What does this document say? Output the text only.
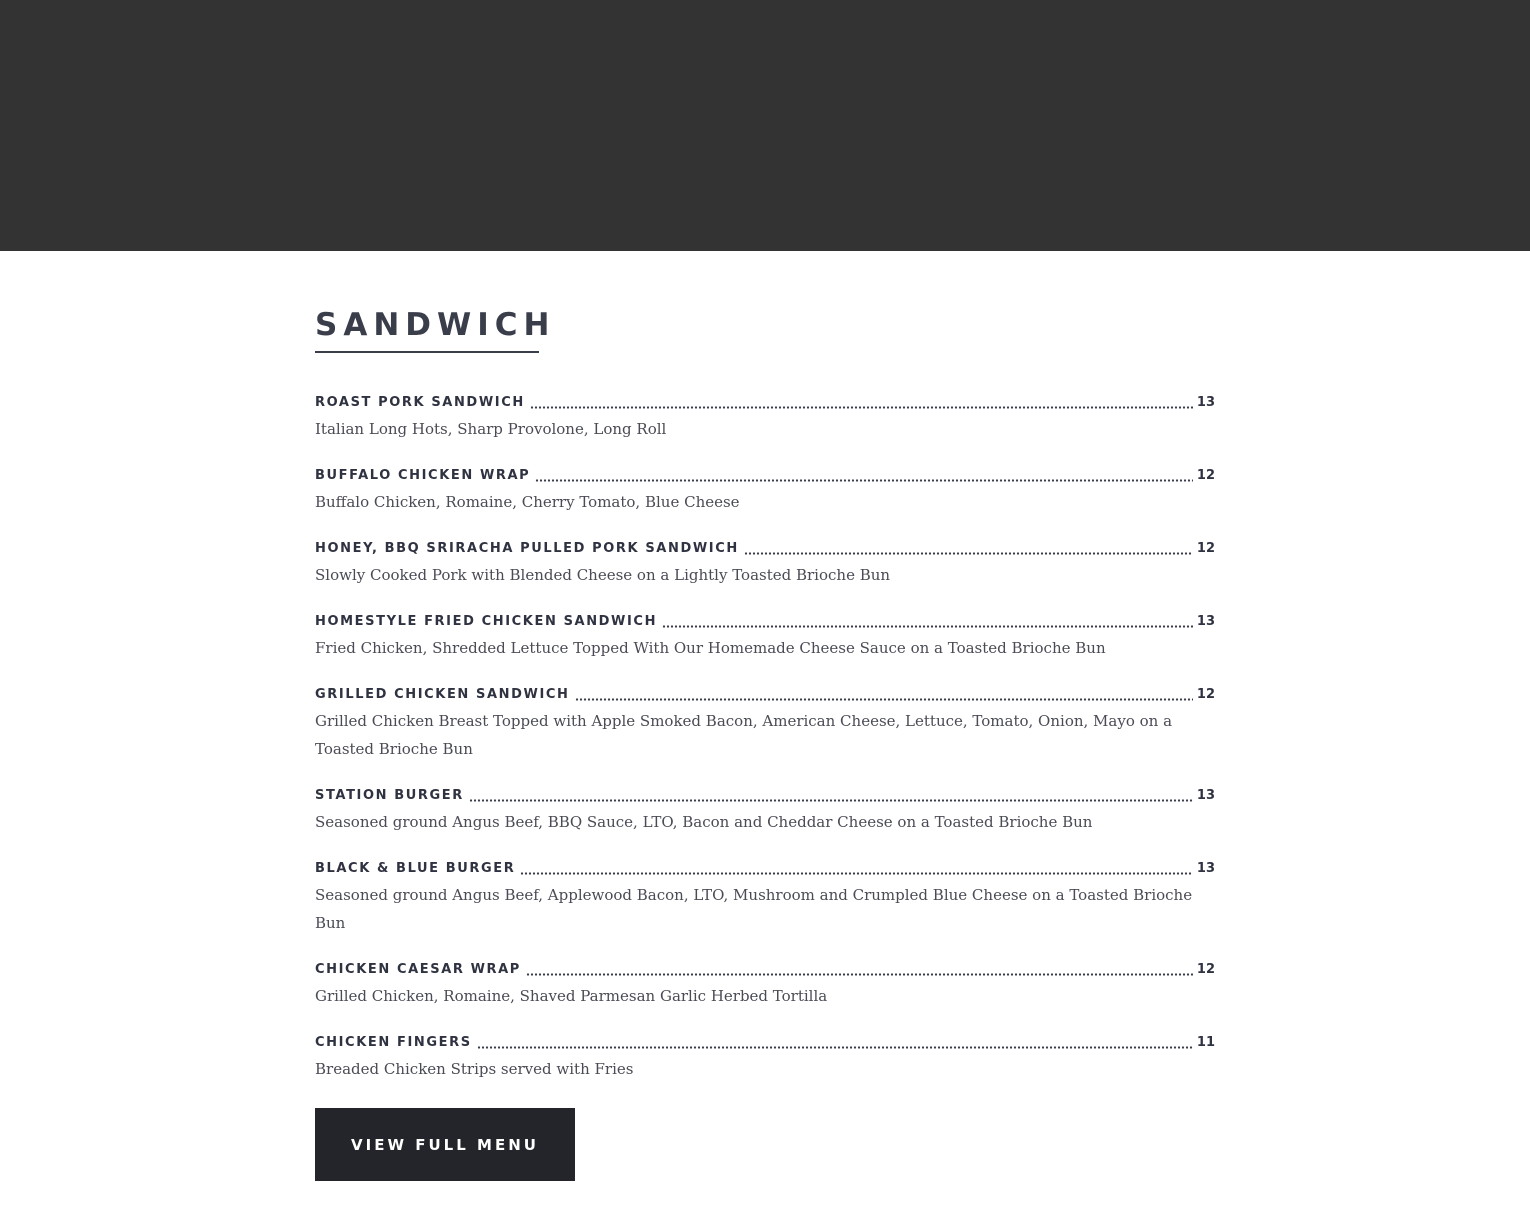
SANDWICH
ROAST PORK SANDWICH	13

Italian Long Hots, Sharp Provolone, Long Roll

BUFFALO CHICKEN WRAP	12

Buffalo Chicken, Romaine, Cherry Tomato, Blue Cheese

HONEY, BBQ SRIRACHA PULLED PORK SANDWICH	12

Slowly Cooked Pork with Blended Cheese on a Lightly Toasted Brioche Bun

HOMESTYLE FRIED CHICKEN SANDWICH	13

Fried Chicken, Shredded Lettuce Topped With Our Homemade Cheese Sauce on a Toasted Brioche Bun

GRILLED CHICKEN SANDWICH	12

Grilled Chicken Breast Topped with Apple Smoked Bacon, American Cheese, Lettuce, Tomato, Onion, Mayo on a Toasted Brioche Bun

STATION BURGER	13

Seasoned ground Angus Beef, BBQ Sauce, LTO, Bacon and Cheddar Cheese on a Toasted Brioche Bun

BLACK & BLUE BURGER	13

Seasoned ground Angus Beef, Applewood Bacon, LTO, Mushroom and Crumpled Blue Cheese on a Toasted Brioche Bun

CHICKEN CAESAR WRAP	12

Grilled Chicken, Romaine, Shaved Parmesan Garlic Herbed Tortilla

CHICKEN FINGERS	11

Breaded Chicken Strips served with Fries

VIEW FULL MENU
